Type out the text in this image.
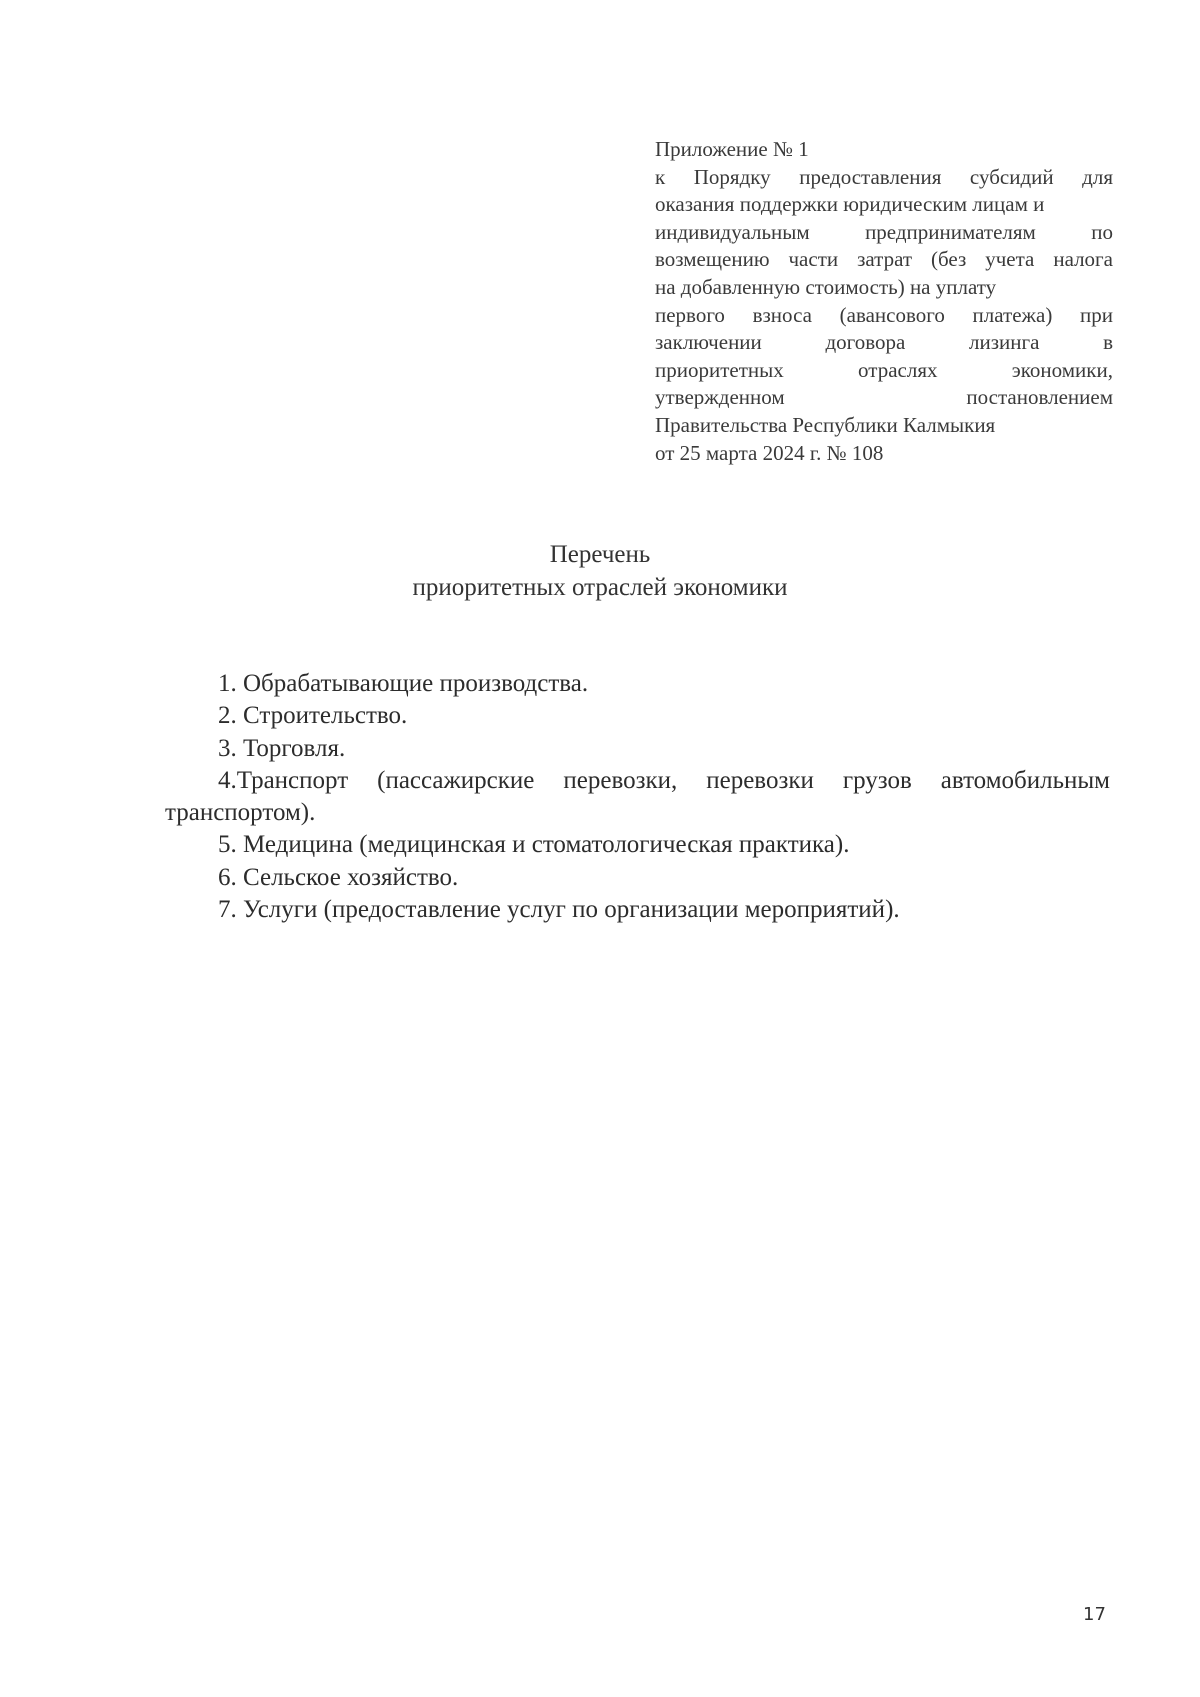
Приложение № 1
к Порядку предоставления субсидий для
оказания поддержки юридическим лицам и
индивидуальным предпринимателям по
возмещению части затрат (без учета налога
на добавленную стоимость) на уплату
первого взноса (авансового платежа) при
заключении договора лизинга в
приоритетных отраслях экономики,
утвержденном постановлением
Правительства Республики Калмыкия
от 25 марта 2024 г. № 108
Перечень
приоритетных отраслей экономики
1. Обрабатывающие производства.
2. Строительство.
3. Торговля.
4.Транспорт (пассажирские перевозки, перевозки грузов автомобильным транспортом).
5. Медицина (медицинская и стоматологическая практика).
6. Сельское хозяйство.
7. Услуги (предоставление услуг по организации мероприятий).
17
